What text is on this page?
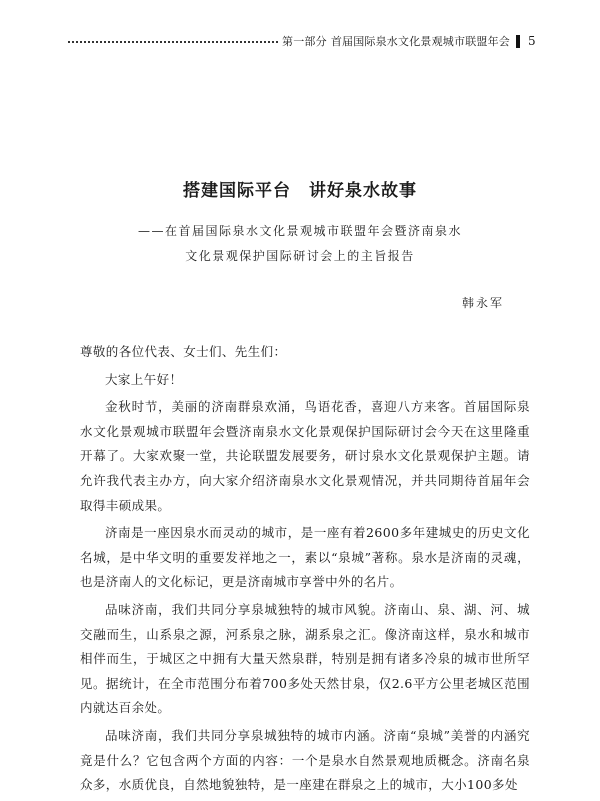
第一部分 首届国际泉水文化景观城市联盟年会 5
搭建国际平台　讲好泉水故事
——在首届国际泉水文化景观城市联盟年会暨济南泉水
文化景观保护国际研讨会上的主旨报告
韩永军

尊敬的各位代表、女士们、先生们：

大家上午好！

金秋时节，美丽的济南群泉欢涌，鸟语花香，喜迎八方来客。首届国际泉水文化景观城市联盟年会暨济南泉水文化景观保护国际研讨会今天在这里隆重开幕了。大家欢聚一堂，共论联盟发展要务，研讨泉水文化景观保护主题。请允许我代表主办方，向大家介绍济南泉水文化景观情况，并共同期待首届年会取得丰硕成果。

济南是一座因泉水而灵动的城市，是一座有着2600多年建城史的历史文化名城，是中华文明的重要发祥地之一，素以“泉城”著称。泉水是济南的灵魂，也是济南人的文化标记，更是济南城市享誉中外的名片。

品味济南，我们共同分享泉城独特的城市风貌。济南山、泉、湖、河、城交融而生，山系泉之源，河系泉之脉，湖系泉之汇。像济南这样，泉水和城市相伴而生，于城区之中拥有大量天然泉群，特别是拥有诸多冷泉的城市世所罕见。据统计，在全市范围分布着700多处天然甘泉，仅2.6平方公里老城区范围内就达百余处。

品味济南，我们共同分享泉城独特的城市内涵。济南“泉城”美誉的内涵究竟是什么？它包含两个方面的内容：一个是泉水自然景观地质概念。济南名泉众多，水质优良，自然地貌独特，是一座建在群泉之上的城市，大小100多处
